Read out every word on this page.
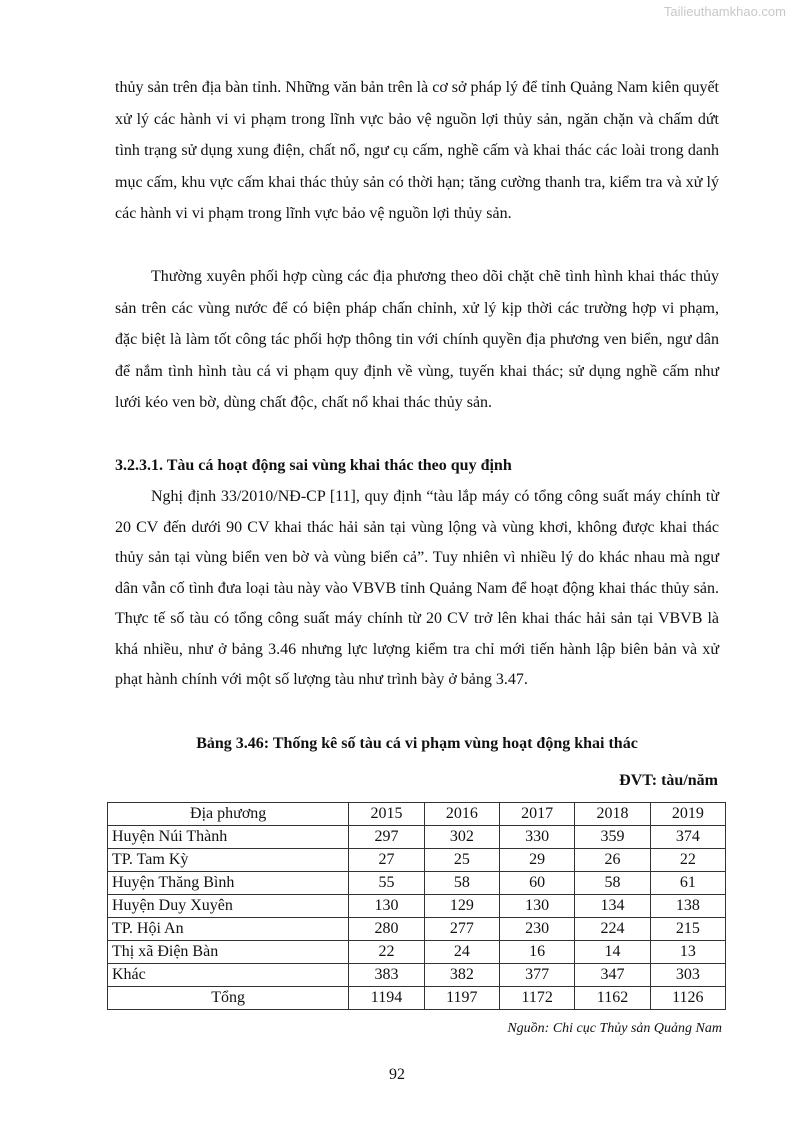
Tailieuthamkhao.com

thủy sản trên địa bàn tỉnh. Những văn bản trên là cơ sở pháp lý để tỉnh Quảng Nam kiên quyết xử lý các hành vi vi phạm trong lĩnh vực bảo vệ nguồn lợi thủy sản, ngăn chặn và chấm dứt tình trạng sử dụng xung điện, chất nổ, ngư cụ cấm, nghề cấm và khai thác các loài trong danh mục cấm, khu vực cấm khai thác thủy sản có thời hạn; tăng cường thanh tra, kiểm tra và xử lý các hành vi vi phạm trong lĩnh vực bảo vệ nguồn lợi thủy sản.

Thường xuyên phối hợp cùng các địa phương theo dõi chặt chẽ tình hình khai thác thủy sản trên các vùng nước để có biện pháp chấn chỉnh, xử lý kịp thời các trường hợp vi phạm, đặc biệt là làm tốt công tác phối hợp thông tin với chính quyền địa phương ven biển, ngư dân để nắm tình hình tàu cá vi phạm quy định về vùng, tuyến khai thác; sử dụng nghề cấm như lưới kéo ven bờ, dùng chất độc, chất nổ khai thác thủy sản.

3.2.3.1. Tàu cá hoạt động sai vùng khai thác theo quy định

Nghị định 33/2010/NĐ-CP [11], quy định “tàu lắp máy có tổng công suất máy chính từ 20 CV đến dưới 90 CV khai thác hải sản tại vùng lộng và vùng khơi, không được khai thác thủy sản tại vùng biển ven bờ và vùng biển cả”. Tuy nhiên vì nhiều lý do khác nhau mà ngư dân vẫn cố tình đưa loại tàu này vào VBVB tỉnh Quảng Nam để hoạt động khai thác thủy sản. Thực tế số tàu có tổng công suất máy chính từ 20 CV trở lên khai thác hải sản tại VBVB là khá nhiều, như ở bảng 3.46 nhưng lực lượng kiểm tra chỉ mới tiến hành lập biên bản và xử phạt hành chính với một số lượng tàu như trình bày ở bảng 3.47.

Bảng 3.46: Thống kê số tàu cá vi phạm vùng hoạt động khai thác
ĐVT: tàu/năm
Địa phương	2015	2016	2017	2018	2019
Huyện Núi Thành	297	302	330	359	374
TP. Tam Kỳ	27	25	29	26	22
Huyện Thăng Bình	55	58	60	58	61
Huyện Duy Xuyên	130	129	130	134	138
TP. Hội An	280	277	230	224	215
Thị xã Điện Bàn	22	24	16	14	13
Khác	383	382	377	347	303
Tổng	1194	1197	1172	1162	1126
Nguồn: Chi cục Thủy sản Quảng Nam
92
